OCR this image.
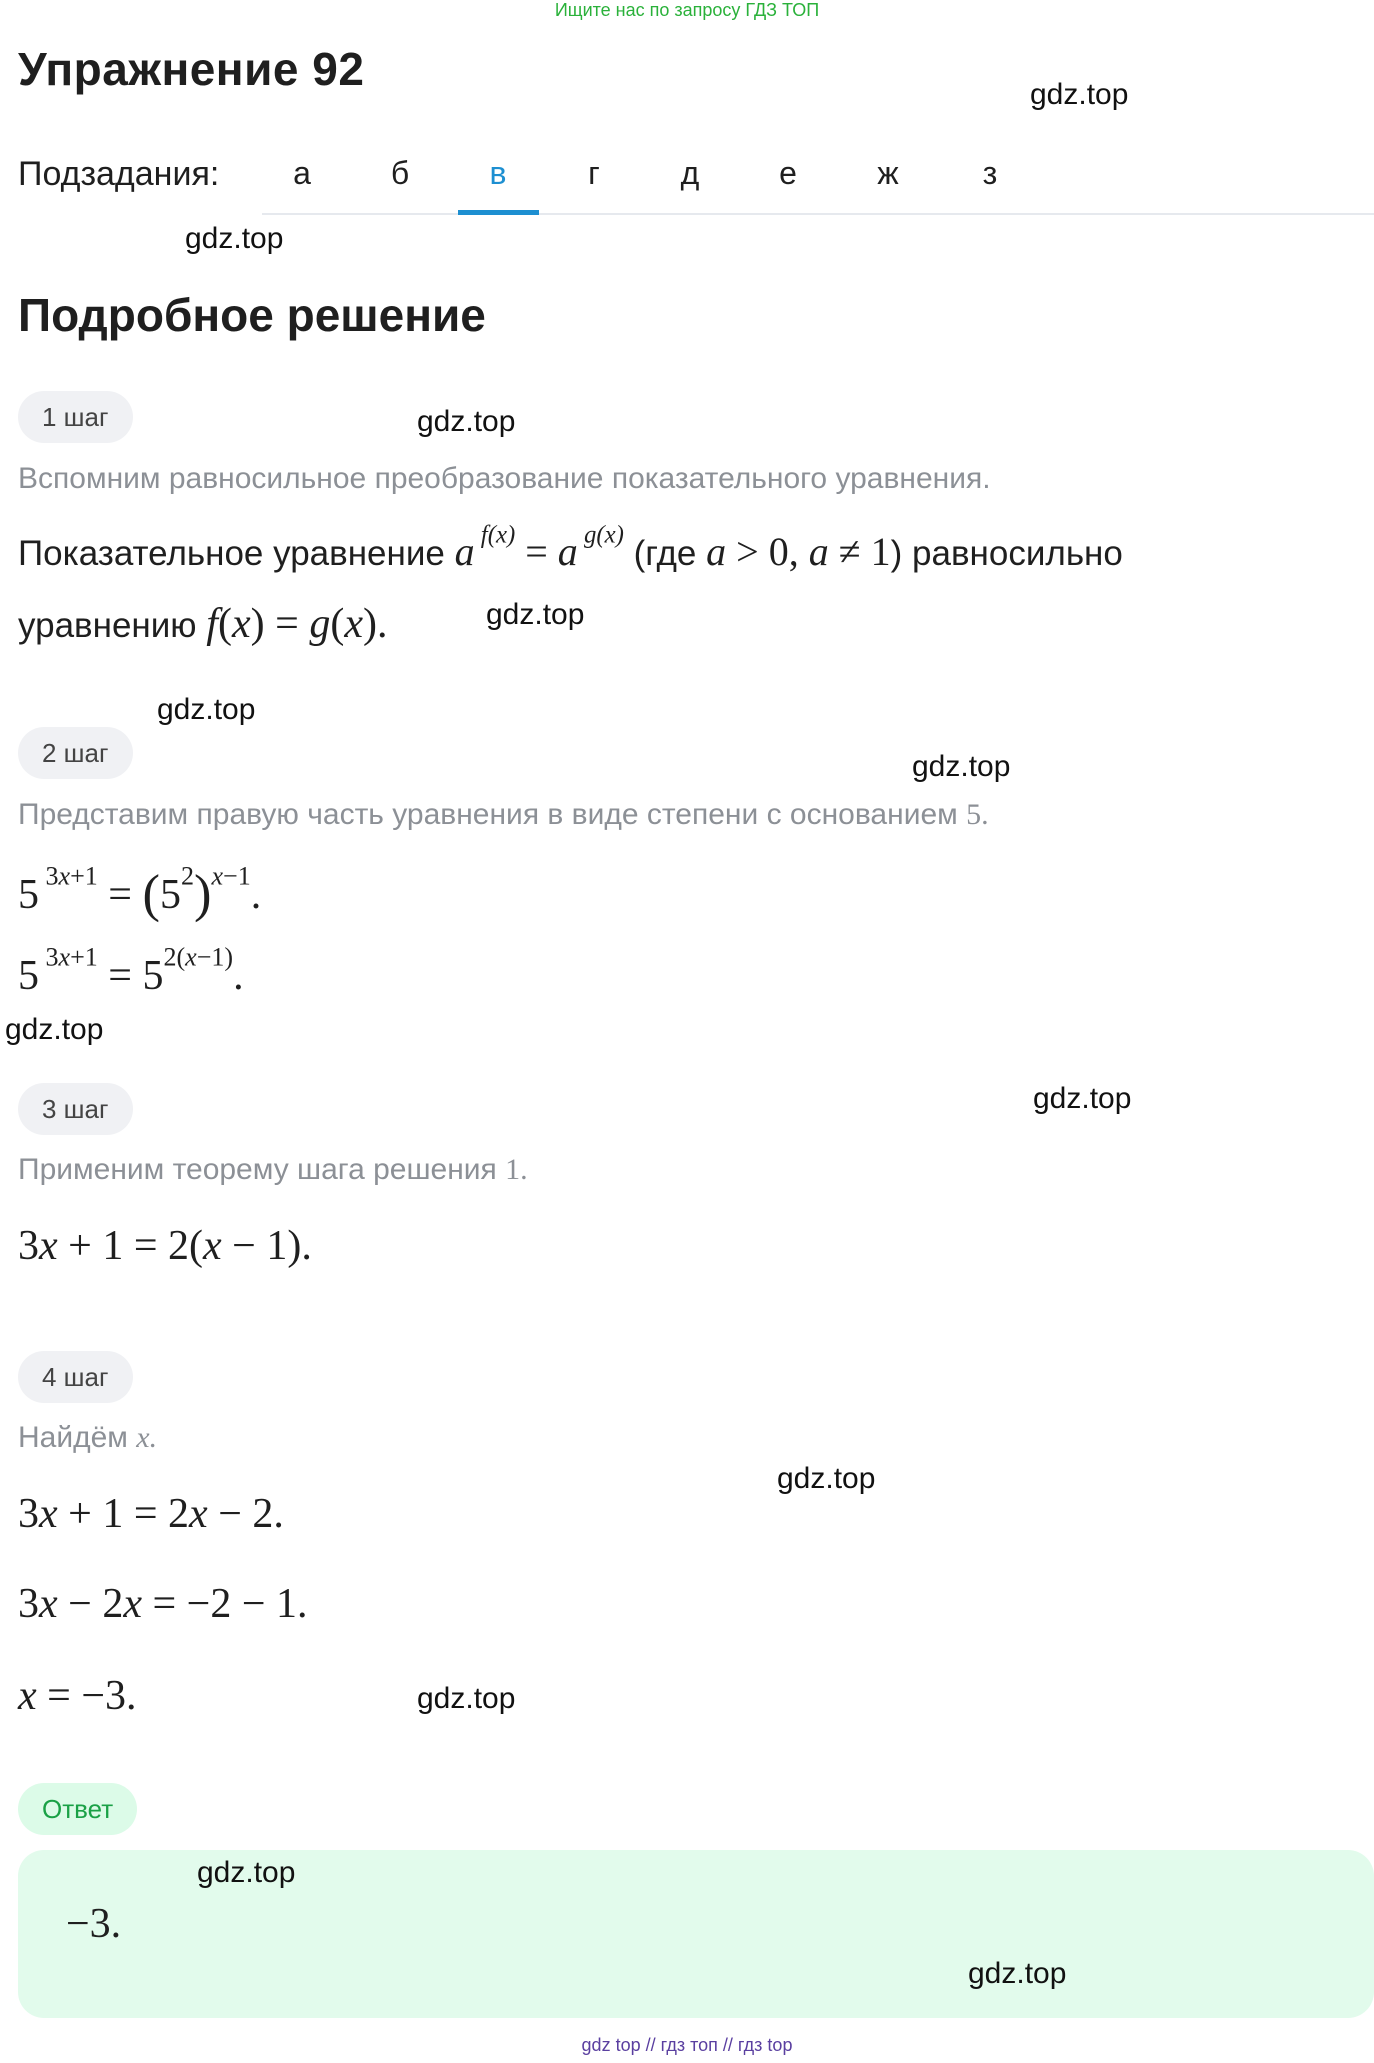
Ищите нас по запросу ГДЗ ТОП
Упражнение 92	gdz.top
gdz.top
gdz.top
gdz.top
gdz.top
gdz.top
gdz.top
gdz.top
gdz.top
gdz.top
gdz.top
gdz.top
Подзадания:	а	б	в	г	д	е	ж	з
Подробное решение
1 шаг
Вспомним равносильное преобразование показательного уравнения.
Показательное уравнение a $^{f(x)}$ = a $^{g(x)}$ (где a > 0, a ≠ 1) равносильно
уравнению f(x) = g(x).
2 шаг
Представим правую часть уравнения в виде степени с основанием 5.
5 $^{3x+1} = (5^2)^{x-1}$.
5 $^{3x+1} = 5^{2(x-1)}$.
3 шаг
Применим теорему шага решения 1.
3x + 1 = 2(x − 1).
4 шаг
Найдём x.
3x + 1 = 2x − 2.
3x − 2x = −2 − 1.
x = −3.
Ответ
−3.
gdz top // гдз топ // гдз top
